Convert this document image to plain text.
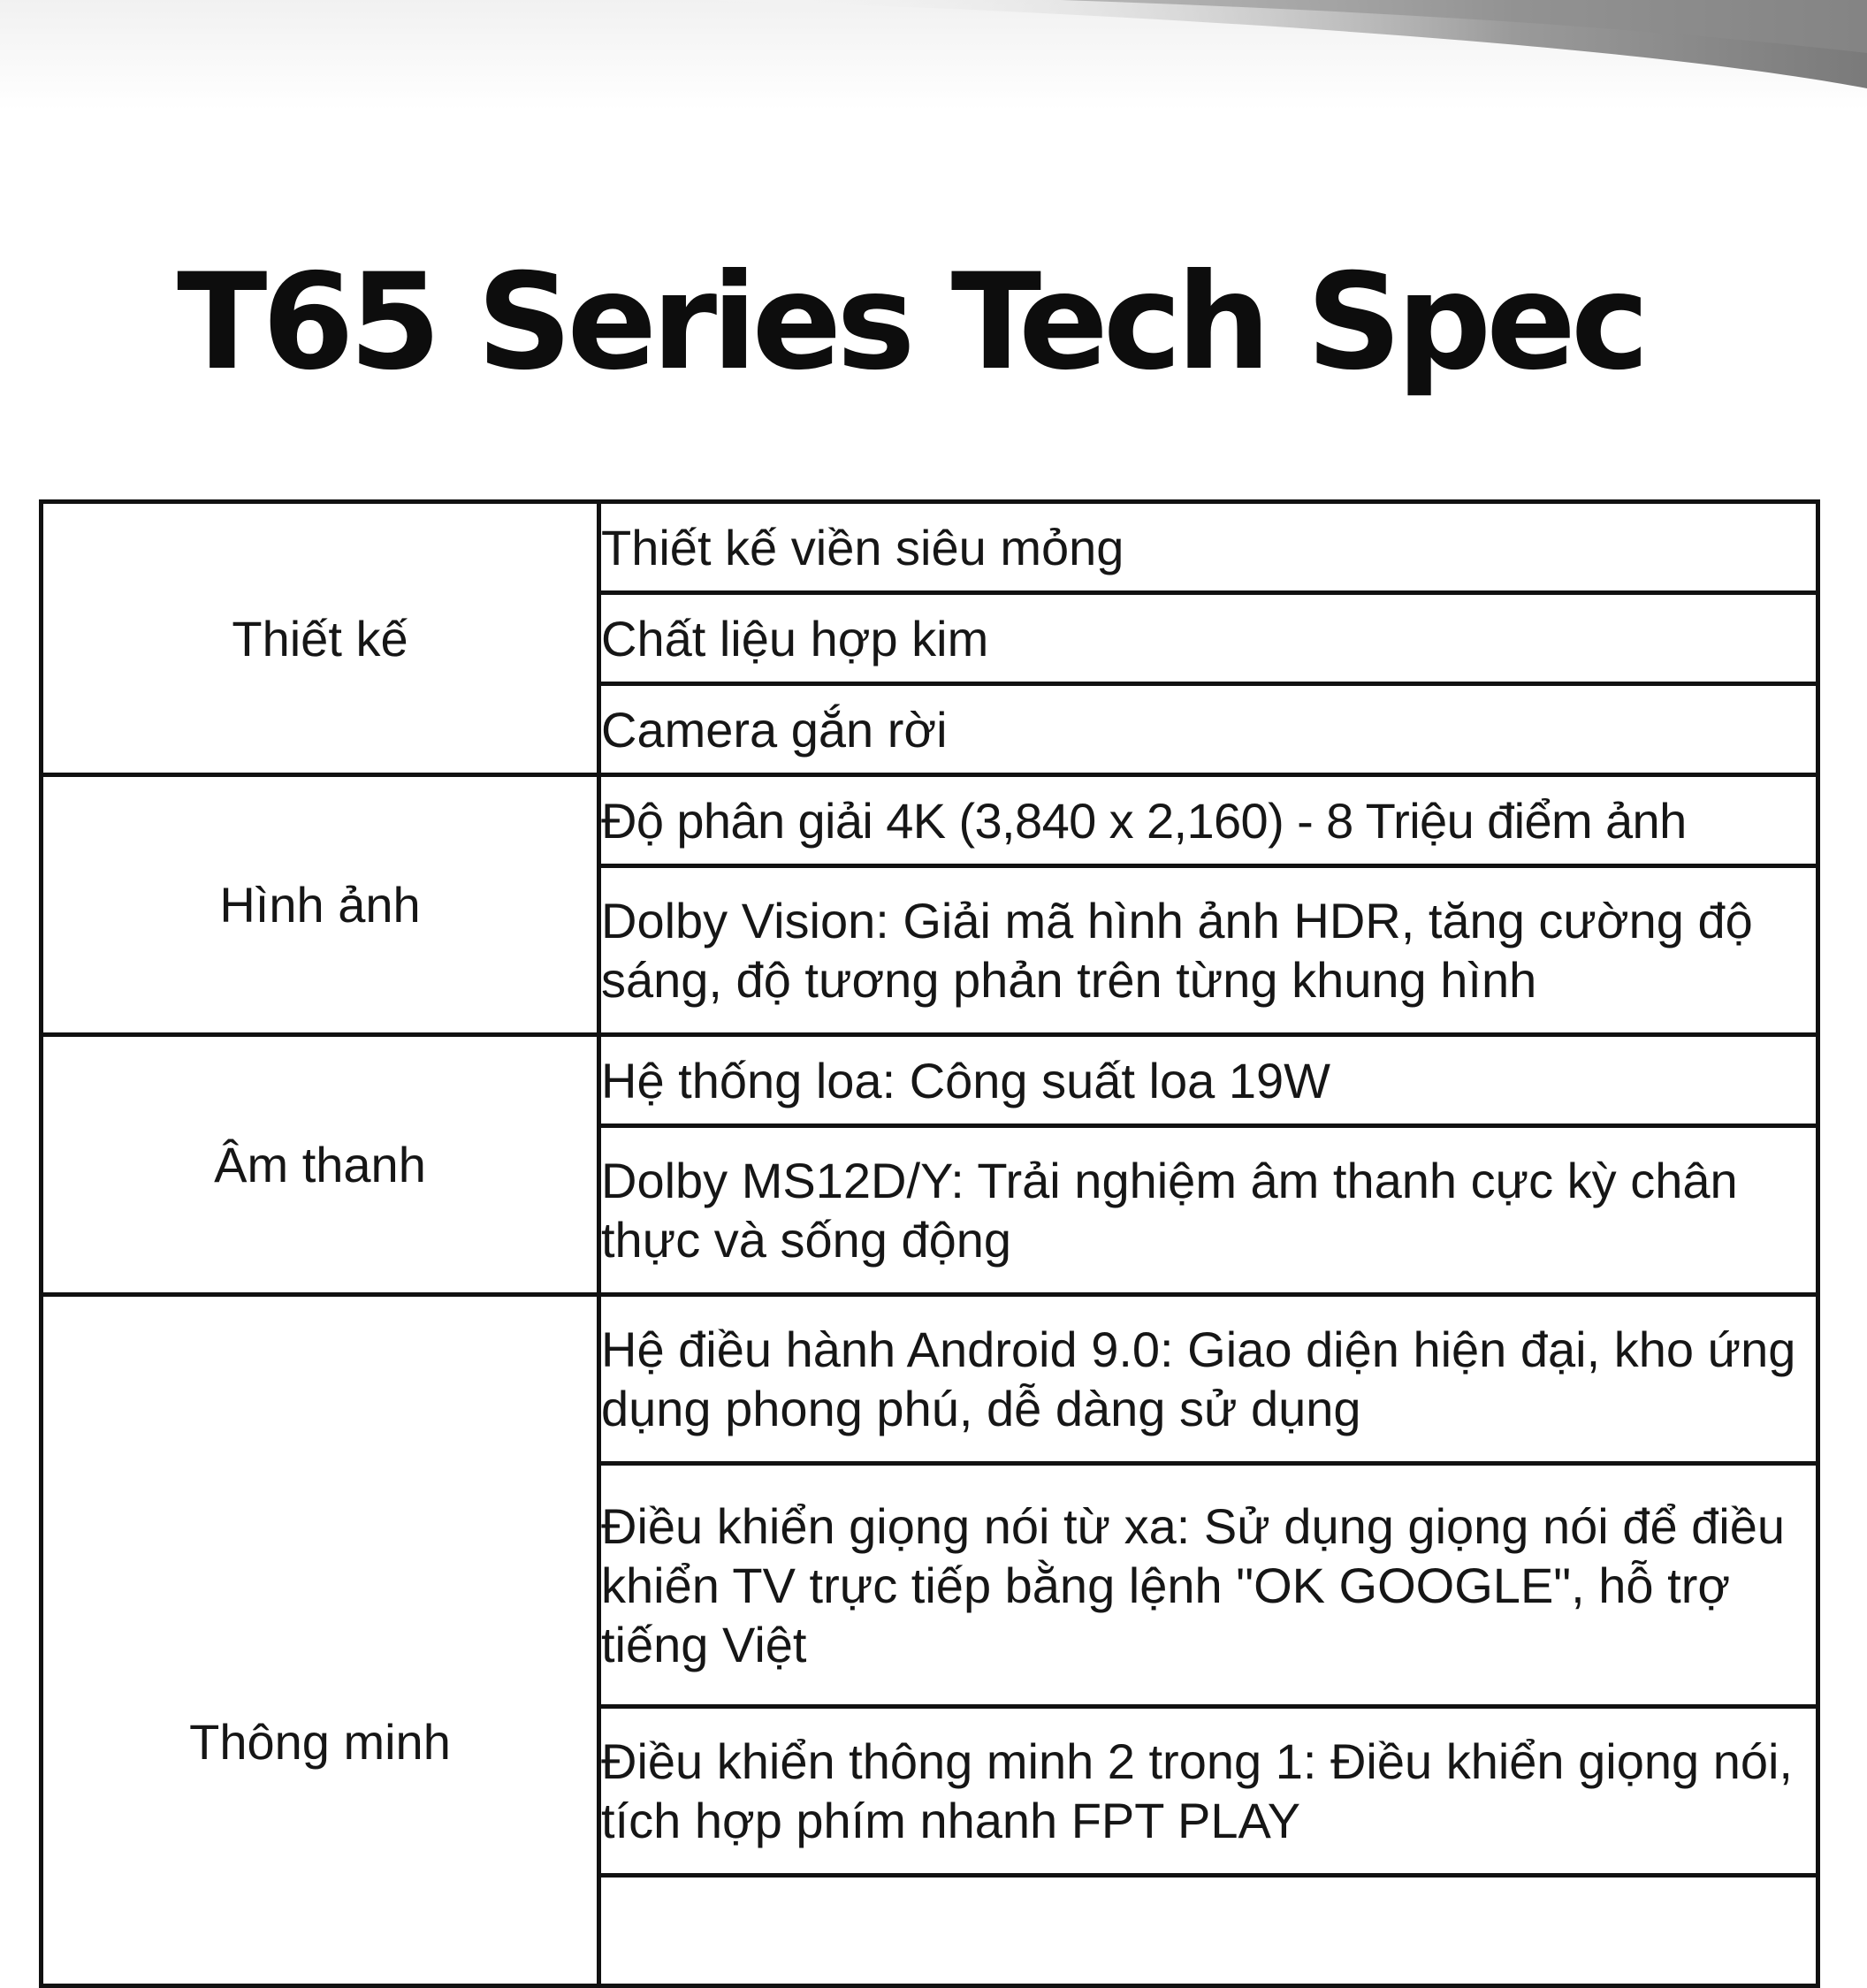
T65 Series Tech Spec
Thiết kế	Thiết kế viền siêu mỏng
	Chất liệu hợp kim
	Camera gắn rời
Hình ảnh	Độ phân giải 4K (3,840 x 2,160) - 8 Triệu điểm ảnh
	Dolby Vision: Giải mã hình ảnh HDR, tăng cường độ sáng, độ tương phản trên từng khung hình
Âm thanh	Hệ thống loa: Công suất loa 19W
	Dolby MS12D/Y: Trải nghiệm âm thanh cực kỳ chân thực và sống động

Thông minh	Hệ điều hành Android 9.0: Giao diện hiện đại, kho ứng dụng phong phú, dễ dàng sử dụng
	Điều khiển giọng nói từ xa: Sử dụng giọng nói để điều khiển TV trực tiếp bằng lệnh "OK GOOGLE", hỗ trợ tiếng Việt
	Điều khiển thông minh 2 trong 1: Điều khiển giọng nói, tích hợp phím nhanh FPT PLAY
